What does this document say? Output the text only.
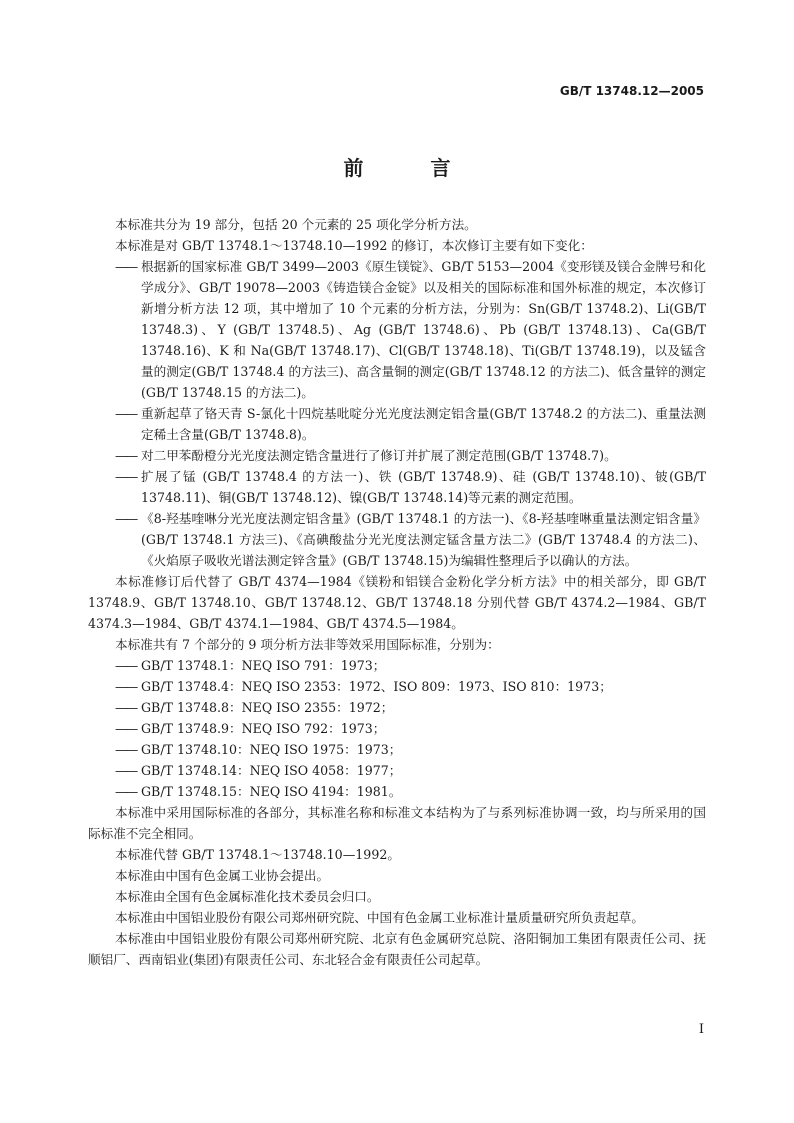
GB/T 13748.12—2005
前 言

本标准共分为 19 部分，包括 20 个元素的 25 项化学分析方法。

本标准是对 GB/T 13748.1～13748.10—1992 的修订，本次修订主要有如下变化：

—— 根据新的国家标准 GB/T 3499—2003《原生镁锭》、GB/T 5153—2004《变形镁及镁合金牌号和化学成分》、GB/T 19078—2003《铸造镁合金锭》以及相关的国际标准和国外标准的规定，本次修订新增分析方法 12 项，其中增加了 10 个元素的分析方法，分别为：Sn(GB/T 13748.2)、Li(GB/T 13748.3)、Y (GB/T 13748.5)、Ag (GB/T 13748.6)、Pb (GB/T 13748.13)、Ca(GB/T 13748.16)、K 和 Na(GB/T 13748.17)、Cl(GB/T 13748.18)、Ti(GB/T 13748.19)，以及锰含量的测定(GB/T 13748.4 的方法三)、高含量铜的测定(GB/T 13748.12 的方法二)、低含量锌的测定(GB/T 13748.15 的方法二)。
—— 重新起草了铬天青 S-氯化十四烷基吡啶分光光度法测定铝含量(GB/T 13748.2 的方法二)、重量法测定稀土含量(GB/T 13748.8)。
—— 对二甲苯酚橙分光光度法测定锆含量进行了修订并扩展了测定范围(GB/T 13748.7)。
—— 扩展了锰 (GB/T 13748.4 的方法一)、铁 (GB/T 13748.9)、硅 (GB/T 13748.10)、铍(GB/T 13748.11)、铜(GB/T 13748.12)、镍(GB/T 13748.14)等元素的测定范围。
—— 《8-羟基喹啉分光光度法测定铝含量》(GB/T 13748.1 的方法一)、《8-羟基喹啉重量法测定铝含量》(GB/T 13748.1 方法三)、《高碘酸盐分光光度法测定锰含量方法二》(GB/T 13748.4 的方法二)、《火焰原子吸收光谱法测定锌含量》(GB/T 13748.15)为编辑性整理后予以确认的方法。

本标准修订后代替了 GB/T 4374—1984《镁粉和铝镁合金粉化学分析方法》中的相关部分，即 GB/T 13748.9、GB/T 13748.10、GB/T 13748.12、GB/T 13748.18 分别代替 GB/T 4374.2—1984、GB/T 4374.3—1984、GB/T 4374.1—1984、GB/T 4374.5—1984。

本标准共有 7 个部分的 9 项分析方法非等效采用国际标准，分别为：

—— GB/T 13748.1：NEQ ISO 791：1973；
—— GB/T 13748.4：NEQ ISO 2353：1972、ISO 809：1973、ISO 810：1973；
—— GB/T 13748.8：NEQ ISO 2355：1972；
—— GB/T 13748.9：NEQ ISO 792：1973；
—— GB/T 13748.10：NEQ ISO 1975：1973；
—— GB/T 13748.14：NEQ ISO 4058：1977；
—— GB/T 13748.15：NEQ ISO 4194：1981。

本标准中采用国际标准的各部分，其标准名称和标准文本结构为了与系列标准协调一致，均与所采用的国际标准不完全相同。

本标准代替 GB/T 13748.1～13748.10—1992。

本标准由中国有色金属工业协会提出。

本标准由全国有色金属标准化技术委员会归口。

本标准由中国铝业股份有限公司郑州研究院、中国有色金属工业标准计量质量研究所负责起草。

本标准由中国铝业股份有限公司郑州研究院、北京有色金属研究总院、洛阳铜加工集团有限责任公司、抚顺铝厂、西南铝业(集团)有限责任公司、东北轻合金有限责任公司起草。

I
